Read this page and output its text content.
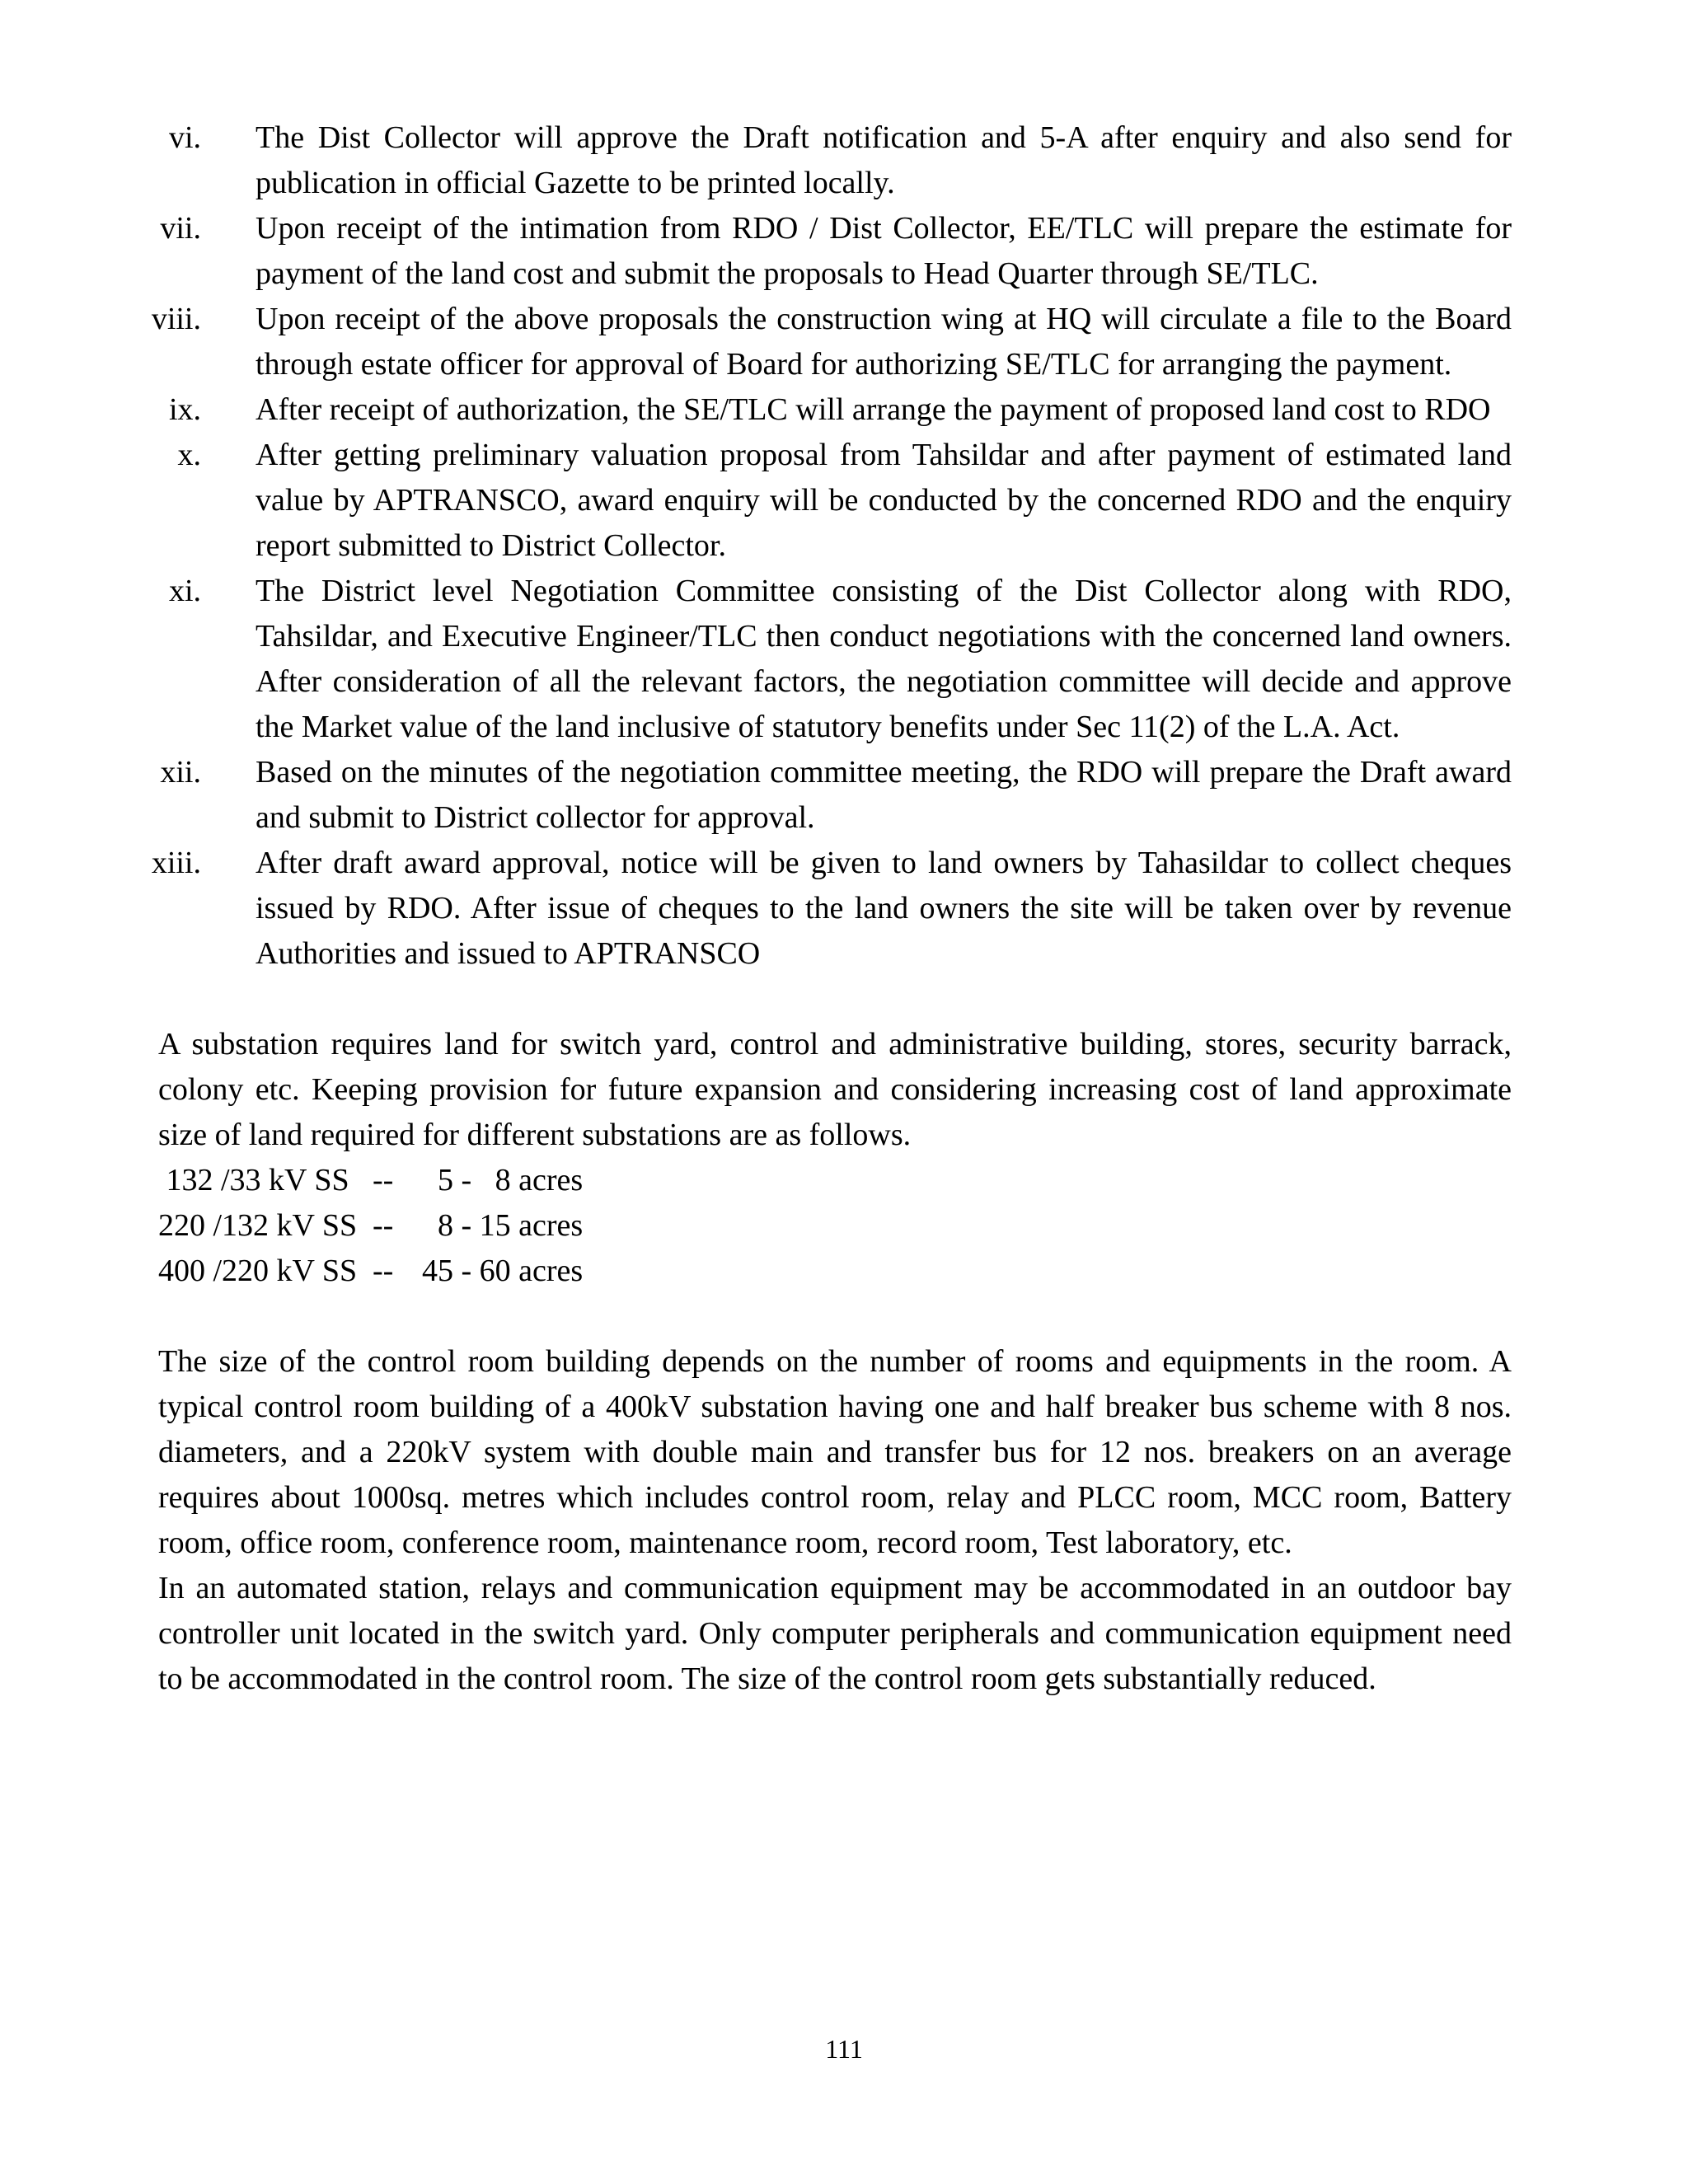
vi. The Dist Collector will approve the Draft notification and 5-A after enquiry and also send for publication in official Gazette to be printed locally.
vii. Upon receipt of the intimation from RDO / Dist Collector, EE/TLC will prepare the estimate for payment of the land cost and submit the proposals to Head Quarter through SE/TLC.
viii. Upon receipt of the above proposals the construction wing at HQ will circulate a file to the Board through estate officer for approval of Board for authorizing SE/TLC for arranging the payment.
ix. After receipt of authorization, the SE/TLC will arrange the payment of proposed land cost to RDO
x. After getting preliminary valuation proposal from Tahsildar and after payment of estimated land value by APTRANSCO, award enquiry will be conducted by the concerned RDO and the enquiry report submitted to District Collector.
xi. The District level Negotiation Committee consisting of the Dist Collector along with RDO, Tahsildar, and Executive Engineer/TLC then conduct negotiations with the concerned land owners. After consideration of all the relevant factors, the negotiation committee will decide and approve the Market value of the land inclusive of statutory benefits under Sec 11(2) of the L.A. Act.
xii. Based on the minutes of the negotiation committee meeting, the RDO will prepare the Draft award and submit to District collector for approval.
xiii. After draft award approval, notice will be given to land owners by Tahasildar to collect cheques issued by RDO. After issue of cheques to the land owners the site will be taken over by revenue Authorities and issued to APTRANSCO

A substation requires land for switch yard, control and administrative building, stores, security barrack, colony etc. Keeping provision for future expansion and considering increasing cost of land approximate size of land required for different substations are as follows.

132 /33 kV SS -- 5 -   8 acres
220 /132 kV SS -- 8 - 15 acres
400 /220 kV SS -- 45 - 60 acres

The size of the control room building depends on the number of rooms and equipments in the room. A typical control room building of a 400kV substation having one and half breaker bus scheme with 8 nos. diameters, and a 220kV system with double main and transfer bus for 12 nos. breakers on an average requires about 1000sq. metres which includes control room, relay and PLCC room, MCC room, Battery room, office room, conference room, maintenance room, record room, Test laboratory, etc.

In an automated station, relays and communication equipment may be accommodated in an outdoor bay controller unit located in the switch yard. Only computer peripherals and communication equipment need to be accommodated in the control room. The size of the control room gets substantially reduced.

111
